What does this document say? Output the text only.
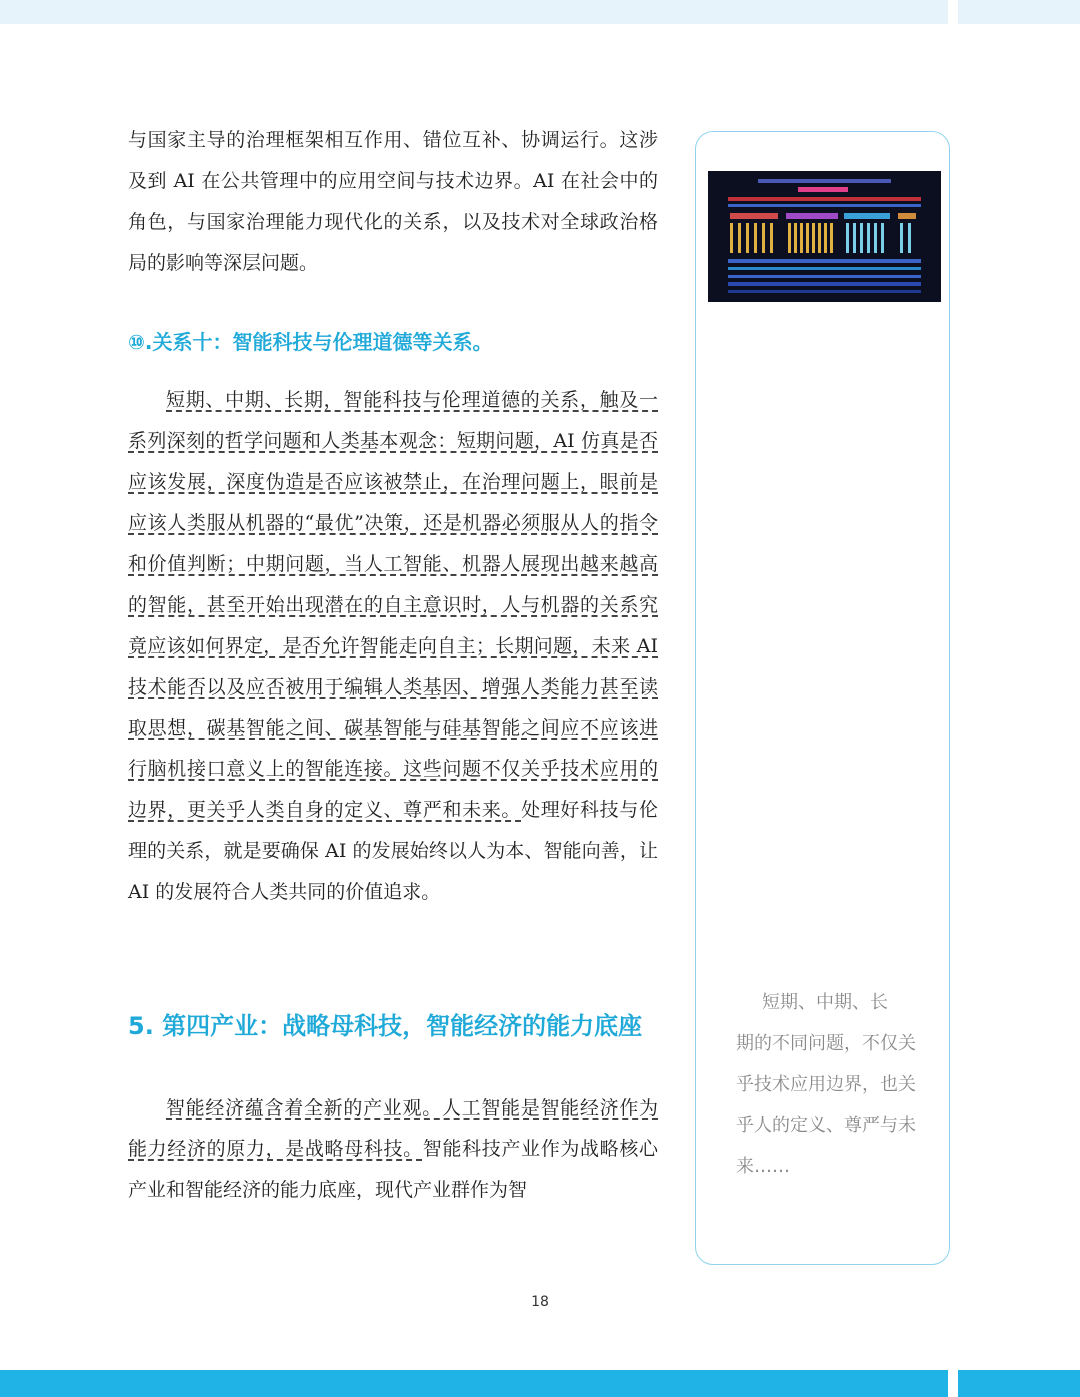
与国家主导的治理框架相互作用、错位互补、协调运行。这涉及到 AI 在公共管理中的应用空间与技术边界。AI 在社会中的角色，与国家治理能力现代化的关系，以及技术对全球政治格局的影响等深层问题。

⑩.关系十：智能科技与伦理道德等关系。

短期、中期、长期，智能科技与伦理道德的关系，触及一系列深刻的哲学问题和人类基本观念：短期问题，AI 仿真是否应该发展，深度伪造是否应该被禁止，在治理问题上，眼前是应该人类服从机器的“最优”决策，还是机器必须服从人的指令和价值判断；中期问题，当人工智能、机器人展现出越来越高的智能，甚至开始出现潜在的自主意识时，人与机器的关系究竟应该如何界定，是否允许智能走向自主；长期问题，未来 AI 技术能否以及应否被用于编辑人类基因、增强人类能力甚至读取思想，碳基智能之间、碳基智能与硅基智能之间应不应该进行脑机接口意义上的智能连接。这些问题不仅关乎技术应用的边界，更关乎人类自身的定义、尊严和未来。处理好科技与伦理的关系，就是要确保 AI 的发展始终以人为本、智能向善，让 AI 的发展符合人类共同的价值追求。

5. 第四产业：战略母科技，智能经济的能力底座

智能经济蕴含着全新的产业观。人工智能是智能经济作为能力经济的原力，是战略母科技。智能科技产业作为战略核心产业和智能经济的能力底座，现代产业群作为智

短期、中期、长
期的不同问题，不仅关乎技术应用边界，也关乎人的定义、尊严与未来……

18
